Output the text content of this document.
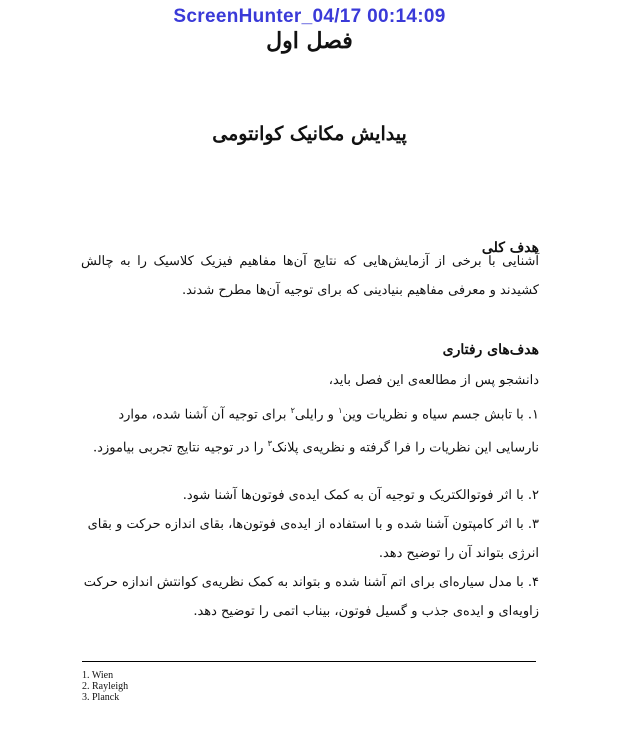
ScreenHunter_04/17 00:14:09
فصل اول
پیدایش مکانیک کوانتومی
هدف کلی
آشنایی با برخی از آزمایش‌هایی که نتایج آن‌ها مفاهیم فیزیک کلاسیک را به چالش کشیدند و معرفی مفاهیم بنیادینی که برای توجیه آن‌ها مطرح شدند.
هدف‌های رفتاری
دانشجو پس از مطالعه‌ی این فصل باید،
۱. با تابش جسم سیاه و نظریات وین$^۱$ و رایلی$^۲$ برای توجیه آن آشنا شده، موارد نارسایی این نظریات را فرا گرفته و نظریه‌ی پلانک$^۳$ را در توجیه نتایج تجربی بیاموزد.
۲. با اثر فوتوالکتریک و توجیه آن به کمک ایده‌ی فوتون‌ها آشنا شود.
۳. با اثر کامپتون آشنا شده و با استفاده از ایده‌ی فوتون‌ها، بقای اندازه حرکت و بقای انرژی بتواند آن را توضیح دهد.
۴. با مدل سیاره‌ای برای اتم آشنا شده و بتواند به کمک نظریه‌ی کوانتش اندازه حرکت زاویه‌ای و ایده‌ی جذب و گسیل فوتون، بیناب اتمی را توضیح دهد.
1. Wien
2. Rayleigh
3. Planck
